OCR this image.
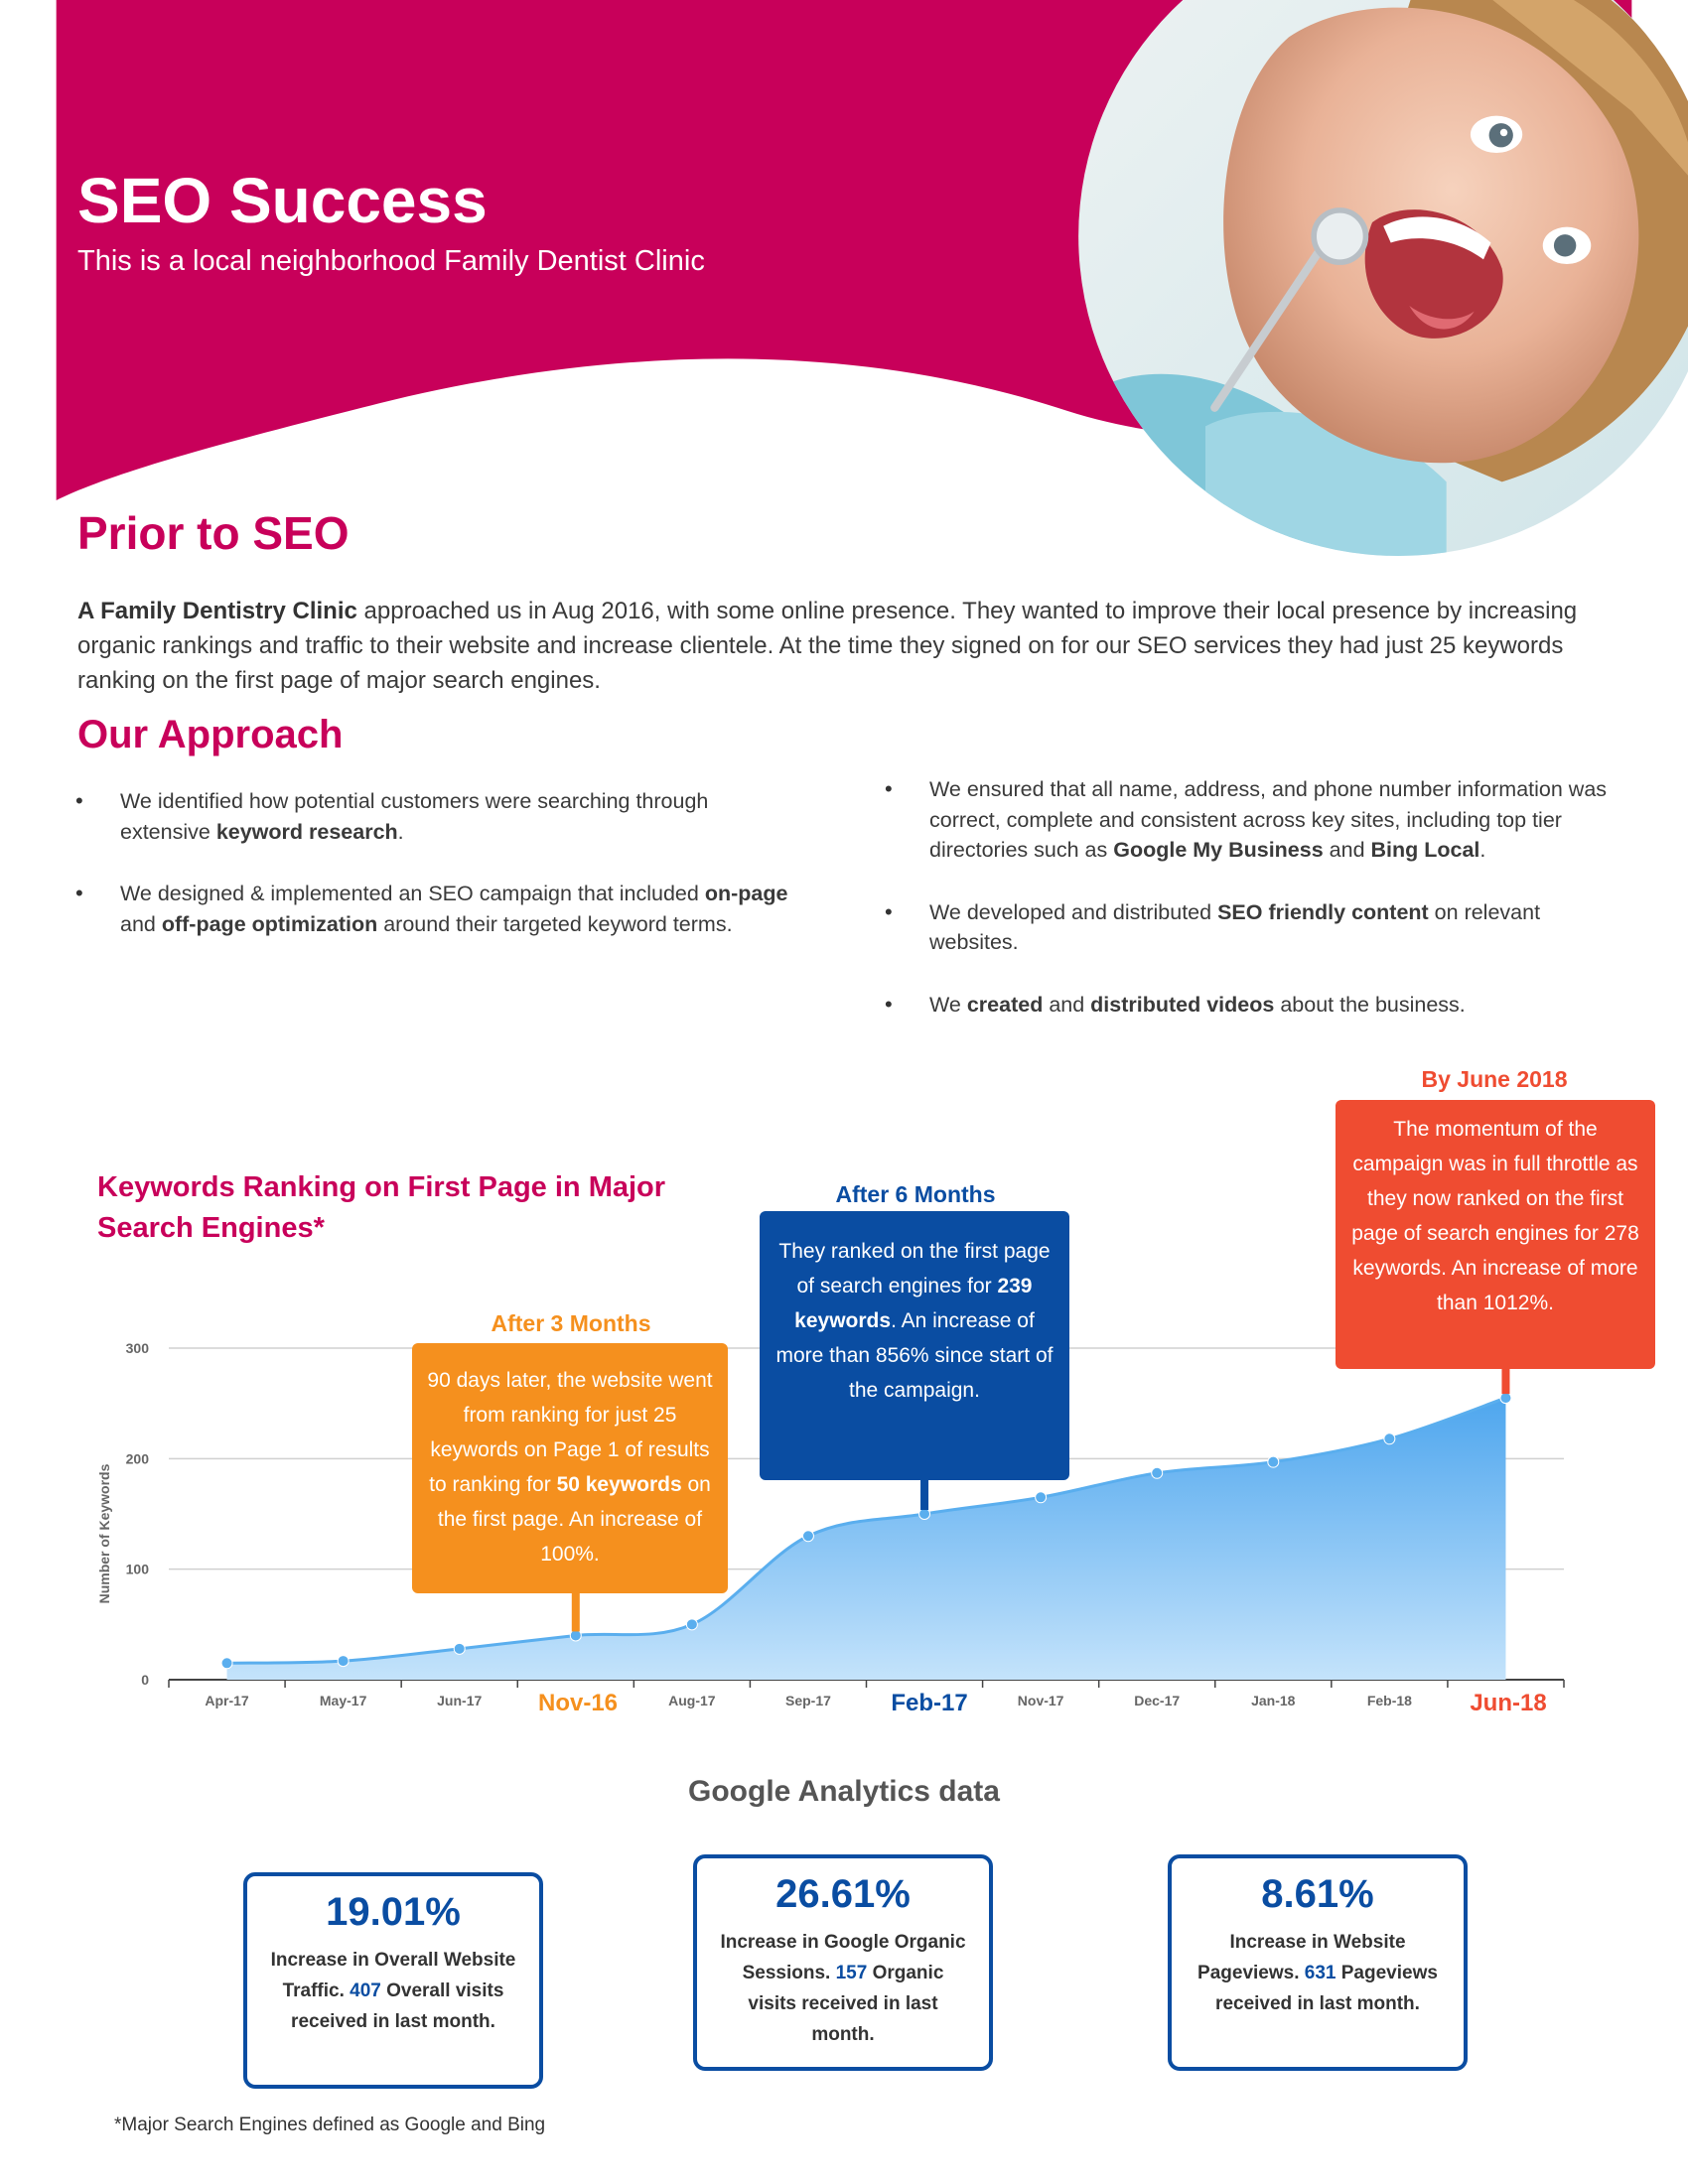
SEO Success
This is a local neighborhood Family Dentist Clinic
Prior to SEO
A Family Dentistry Clinic approached us in Aug 2016, with some online presence. They wanted to improve their local presence by increasing organic rankings and traffic to their website and increase clientele. At the time they signed on for our SEO services they had just 25 keywords ranking on the first page of major search engines.
Our Approach
• We identified how potential customers were searching through extensive keyword research.
• We designed & implemented an SEO campaign that included on-page and off-page optimization around their targeted keyword terms.
• We ensured that all name, address, and phone number information was correct, complete and consistent across key sites, including top tier directories such as Google My Business and Bing Local.
• We developed and distributed SEO friendly content on relevant websites.
• We created and distributed videos about the business.
Keywords Ranking on First Page in Major Search Engines*
0
100
200
300
Number of Keywords
Apr-17	May-17	Jun-17	Aug-17	Sep-17	Nov-17	Dec-17	Jan-18	Feb-18
After 3 Months
90 days later, the website went from ranking for just 25 keywords on Page 1 of results to ranking for 50 keywords on the first page. An increase of 100%.
After 6 Months
They ranked on the first page of search engines for 239 keywords. An increase of more than 856% since start of the campaign.
By June 2018
The momentum of the campaign was in full throttle as they now ranked on the first page of search engines for 278 keywords. An increase of more than 1012%.
Nov-16	Feb-17	Jun-18
Google Analytics data
19.01%
Increase in Overall Website Traffic. 407 Overall visits received in last month.
26.61%
Increase in Google Organic Sessions. 157 Organic visits received in last month.
8.61%
Increase in Website Pageviews. 631 Pageviews received in last month.
*Major Search Engines defined as Google and Bing
